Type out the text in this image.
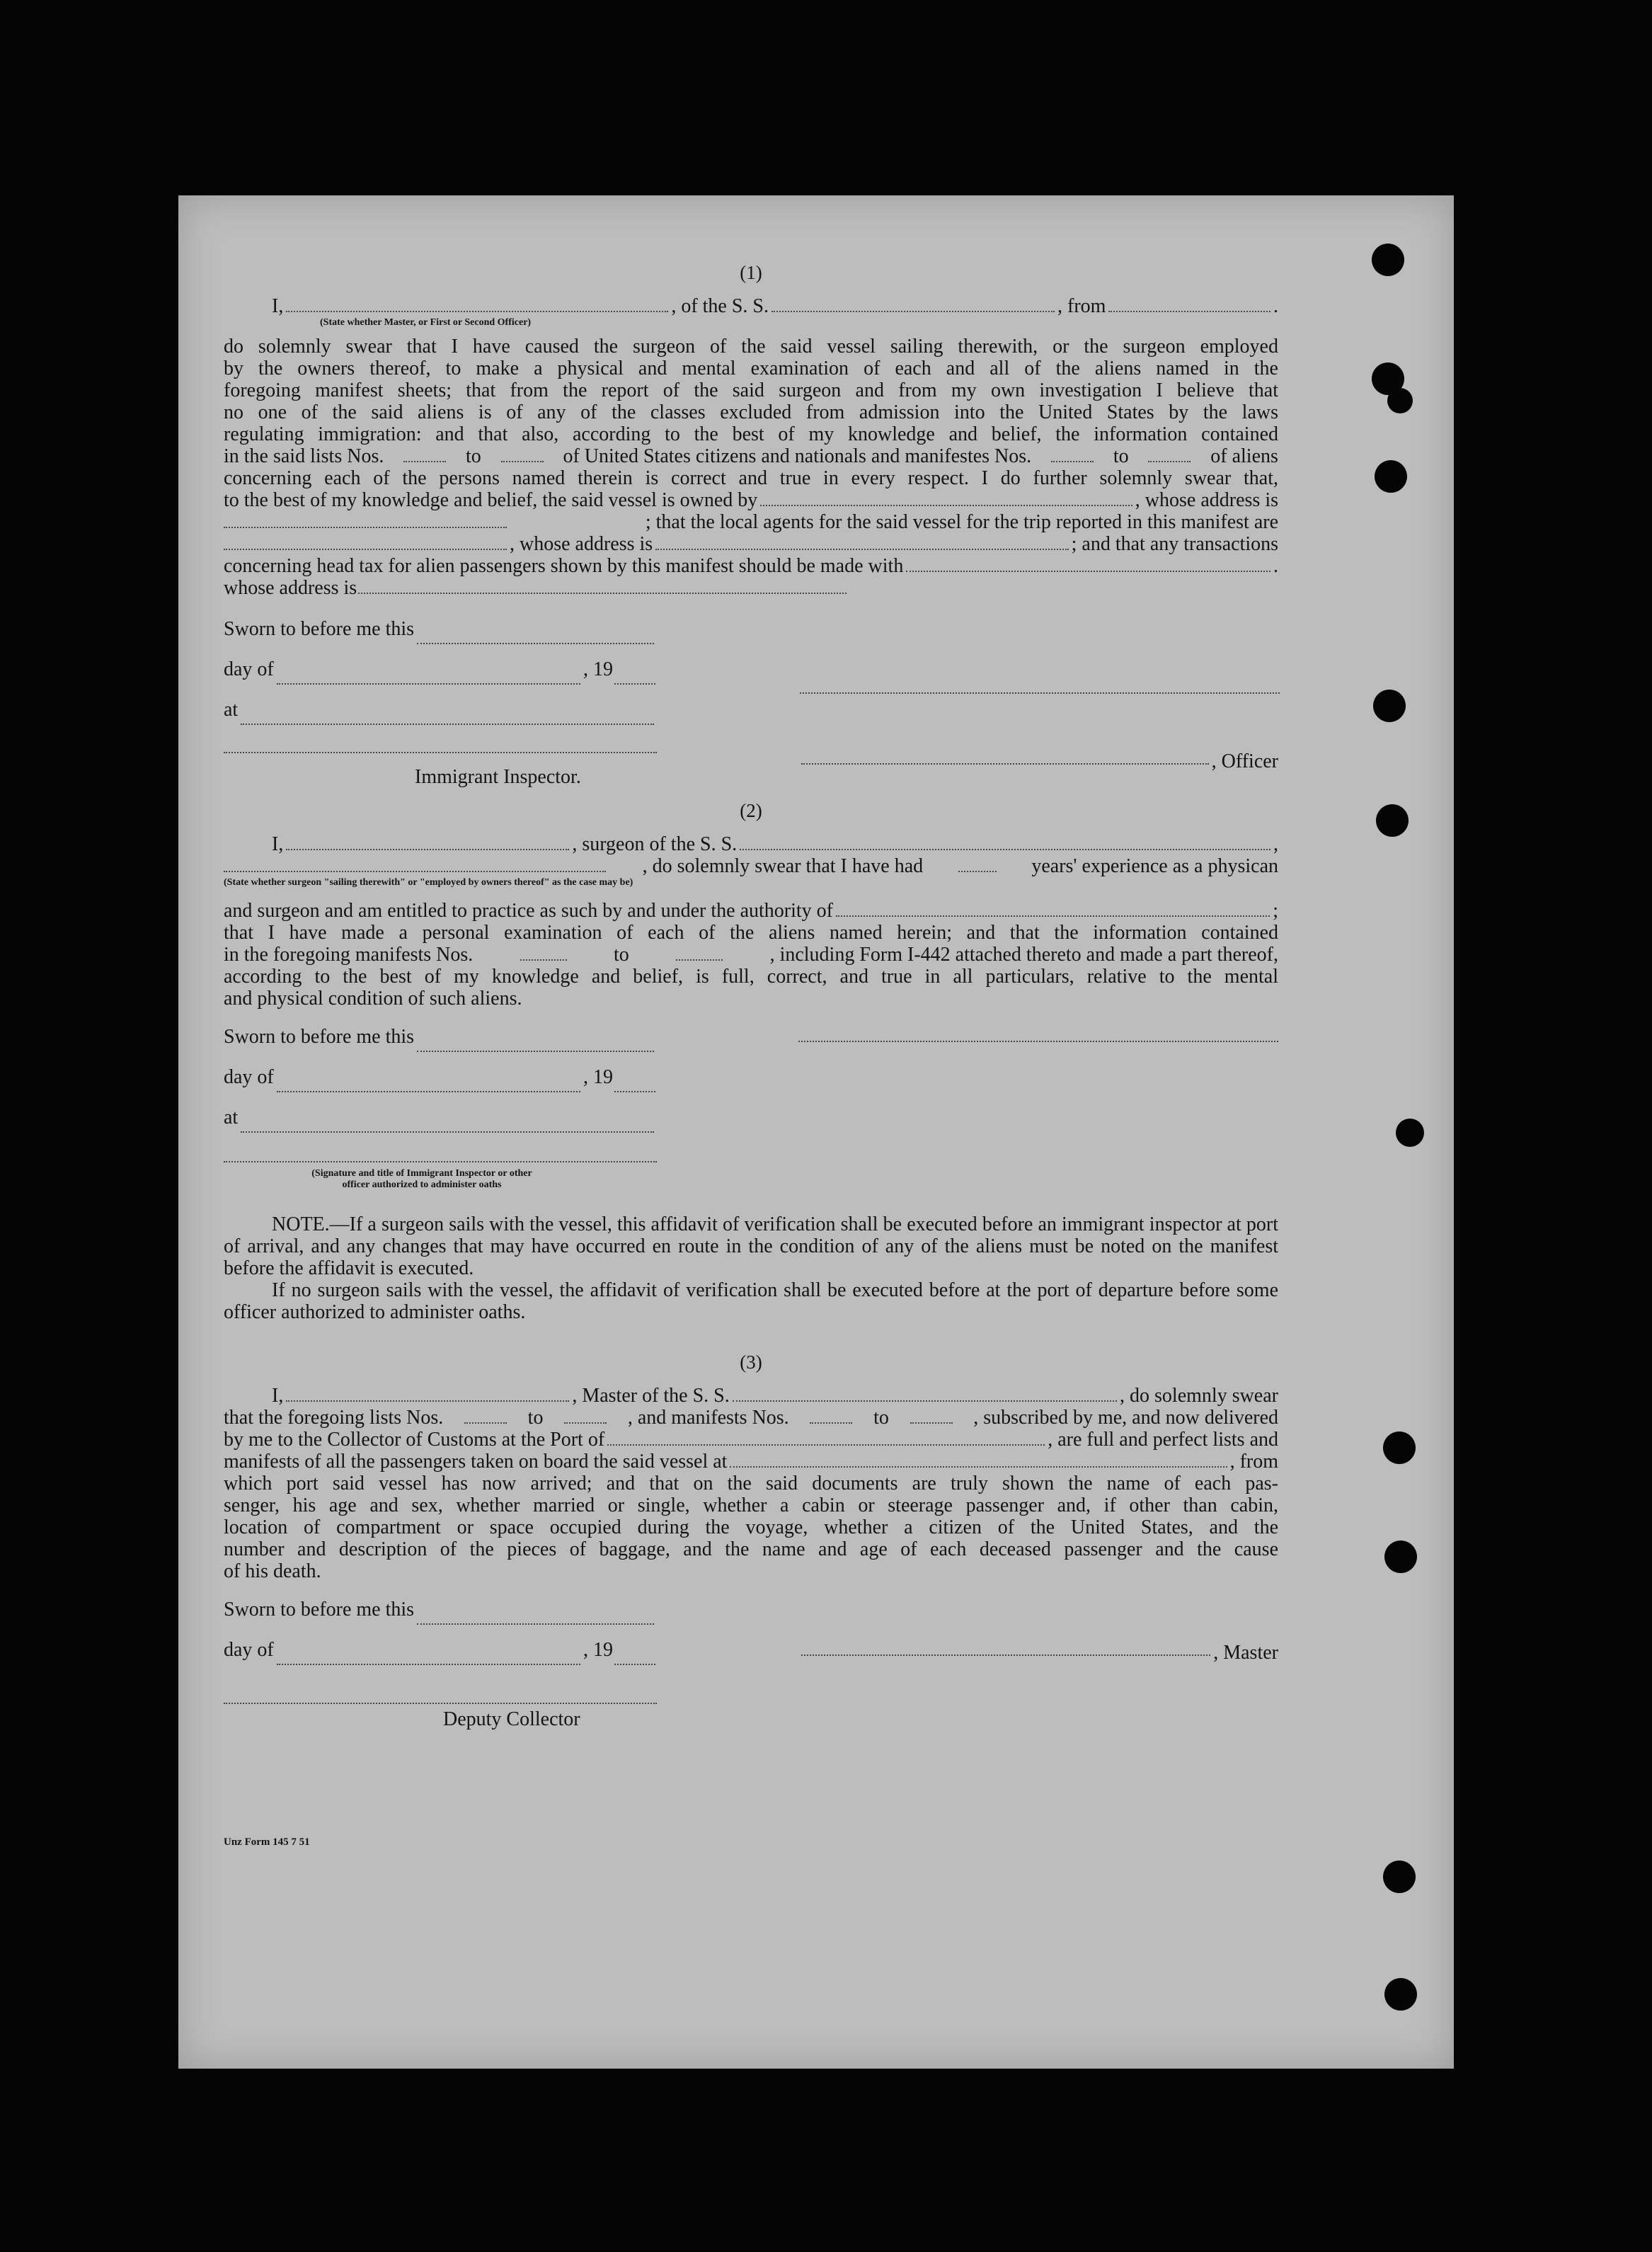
(1)
I,	, of the S. S.	, from	.
(State whether Master, or First or Second Officer)
do solemnly swear that I have caused the surgeon of the said vessel sailing therewith, or the surgeon employed
by the owners thereof, to make a physical and mental examination of each and all of the aliens named in the
foregoing manifest sheets; that from the report of the said surgeon and from my own investigation I believe that
no one of the said aliens is of any of the classes excluded from admission into the United States by the laws
regulating immigration: and that also, according to the best of my knowledge and belief, the information contained
in the said lists Nos.	to	of United States citizens and nationals and manifestes Nos.	to	of aliens
concerning each of the persons named therein is correct and true in every respect. I do further solemnly swear that,
to the best of my knowledge and belief, the said vessel is owned by	, whose address is
; that the local agents for the said vessel for the trip reported in this manifest are
, whose address is	; and that any transactions
concerning head tax for alien passengers shown by this manifest should be made with	.
whose address is
Sworn to before me this
day of	, 19
at
, Officer
Immigrant Inspector.
(2)
I,	, surgeon of the S. S.	,
, do solemnly swear that I have had	years' experience as a physican
(State whether surgeon "sailing therewith" or "employed by owners thereof" as the case may be)
and surgeon and am entitled to practice as such by and under the authority of	;
that I have made a personal examination of each of the aliens named herein; and that the information contained
in the foregoing manifests Nos.	to	, including Form I-442 attached thereto and made a part thereof,
according to the best of my knowledge and belief, is full, correct, and true in all particulars, relative to the mental
and physical condition of such aliens.
Sworn to before me this
day of	, 19
at
(Signature and title of Immigrant Inspector or other
officer authorized to administer oaths
NOTE.—If a surgeon sails with the vessel, this affidavit of verification shall be executed before an immigrant inspector at port of arrival, and any changes that may have occurred en route in the condition of any of the aliens must be noted on the manifest before the affidavit is executed.
If no surgeon sails with the vessel, the affidavit of verification shall be executed before at the port of departure before some officer authorized to administer oaths.
(3)
I,	, Master of the S. S.	, do solemnly swear
that the foregoing lists Nos.	to	, and manifests Nos.	to	, subscribed by me, and now delivered
by me to the Collector of Customs at the Port of	, are full and perfect lists and
manifests of all the passengers taken on board the said vessel at	, from
which port said vessel has now arrived; and that on the said documents are truly shown the name of each pas-
senger, his age and sex, whether married or single, whether a cabin or steerage passenger and, if other than cabin,
location of compartment or space occupied during the voyage, whether a citizen of the United States, and the
number and description of the pieces of baggage, and the name and age of each deceased passenger and the cause
of his death.
Sworn to before me this
day of	, 19	, Master
Deputy Collector
Unz Form 145 7 51
